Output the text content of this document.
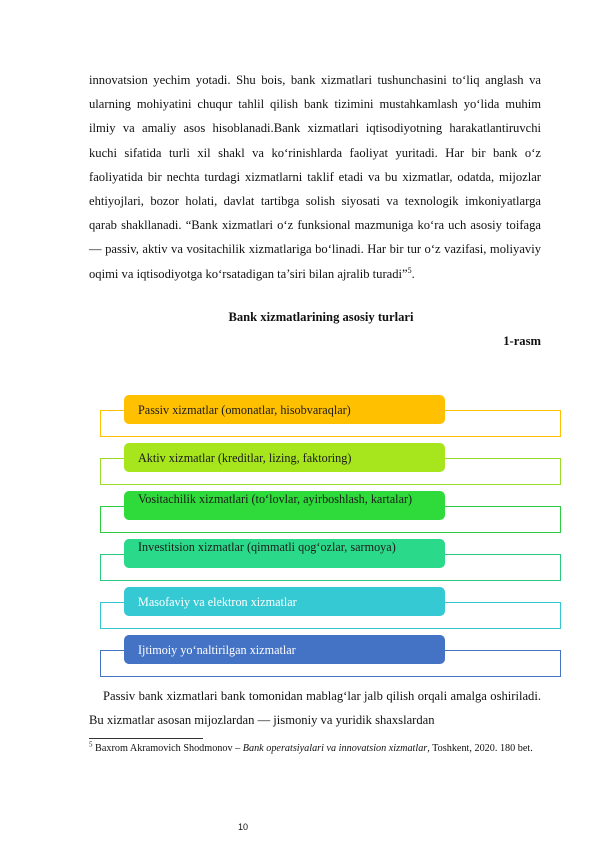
innovatsion yechim yotadi. Shu bois, bank xizmatlari tushunchasini to‘liq anglash va ularning mohiyatini chuqur tahlil qilish bank tizimini mustahkamlash yo‘lida muhim ilmiy va amaliy asos hisoblanadi.Bank xizmatlari iqtisodiyotning harakatlantiruvchi kuchi sifatida turli xil shakl va ko‘rinishlarda faoliyat yuritadi. Har bir bank o‘z faoliyatida bir nechta turdagi xizmatlarni taklif etadi va bu xizmatlar, odatda, mijozlar ehtiyojlari, bozor holati, davlat tartibga solish siyosati va texnologik imkoniyatlarga qarab shakllanadi. “Bank xizmatlari o‘z funksional mazmuniga ko‘ra uch asosiy toifaga — passiv, aktiv va vositachilik xizmatlariga bo‘linadi. Har bir tur o‘z vazifasi, moliyaviy oqimi va iqtisodiyotga ko‘rsatadigan ta’siri bilan ajralib turadi”$^5$.

Bank xizmatlarining asosiy turlari
1-rasm
Passiv xizmatlar (omonatlar, hisobvaraqlar)
Aktiv xizmatlar (kreditlar, lizing, faktoring)
Vositachilik xizmatlari (to‘lovlar, ayirboshlash, kartalar)
Investitsion xizmatlar (qimmatli qog‘ozlar, sarmoya)
Masofaviy va elektron xizmatlar
Ijtimoiy yo‘naltirilgan xizmatlar

Passiv bank xizmatlari bank tomonidan mablag‘lar jalb qilish orqali amalga oshiriladi. Bu xizmatlar asosan mijozlardan — jismoniy va yuridik shaxslardan

$^5$ Baxrom Akramovich Shodmonov – Bank operatsiyalari va innovatsion xizmatlar, Toshkent, 2020. 180 bet.
10
